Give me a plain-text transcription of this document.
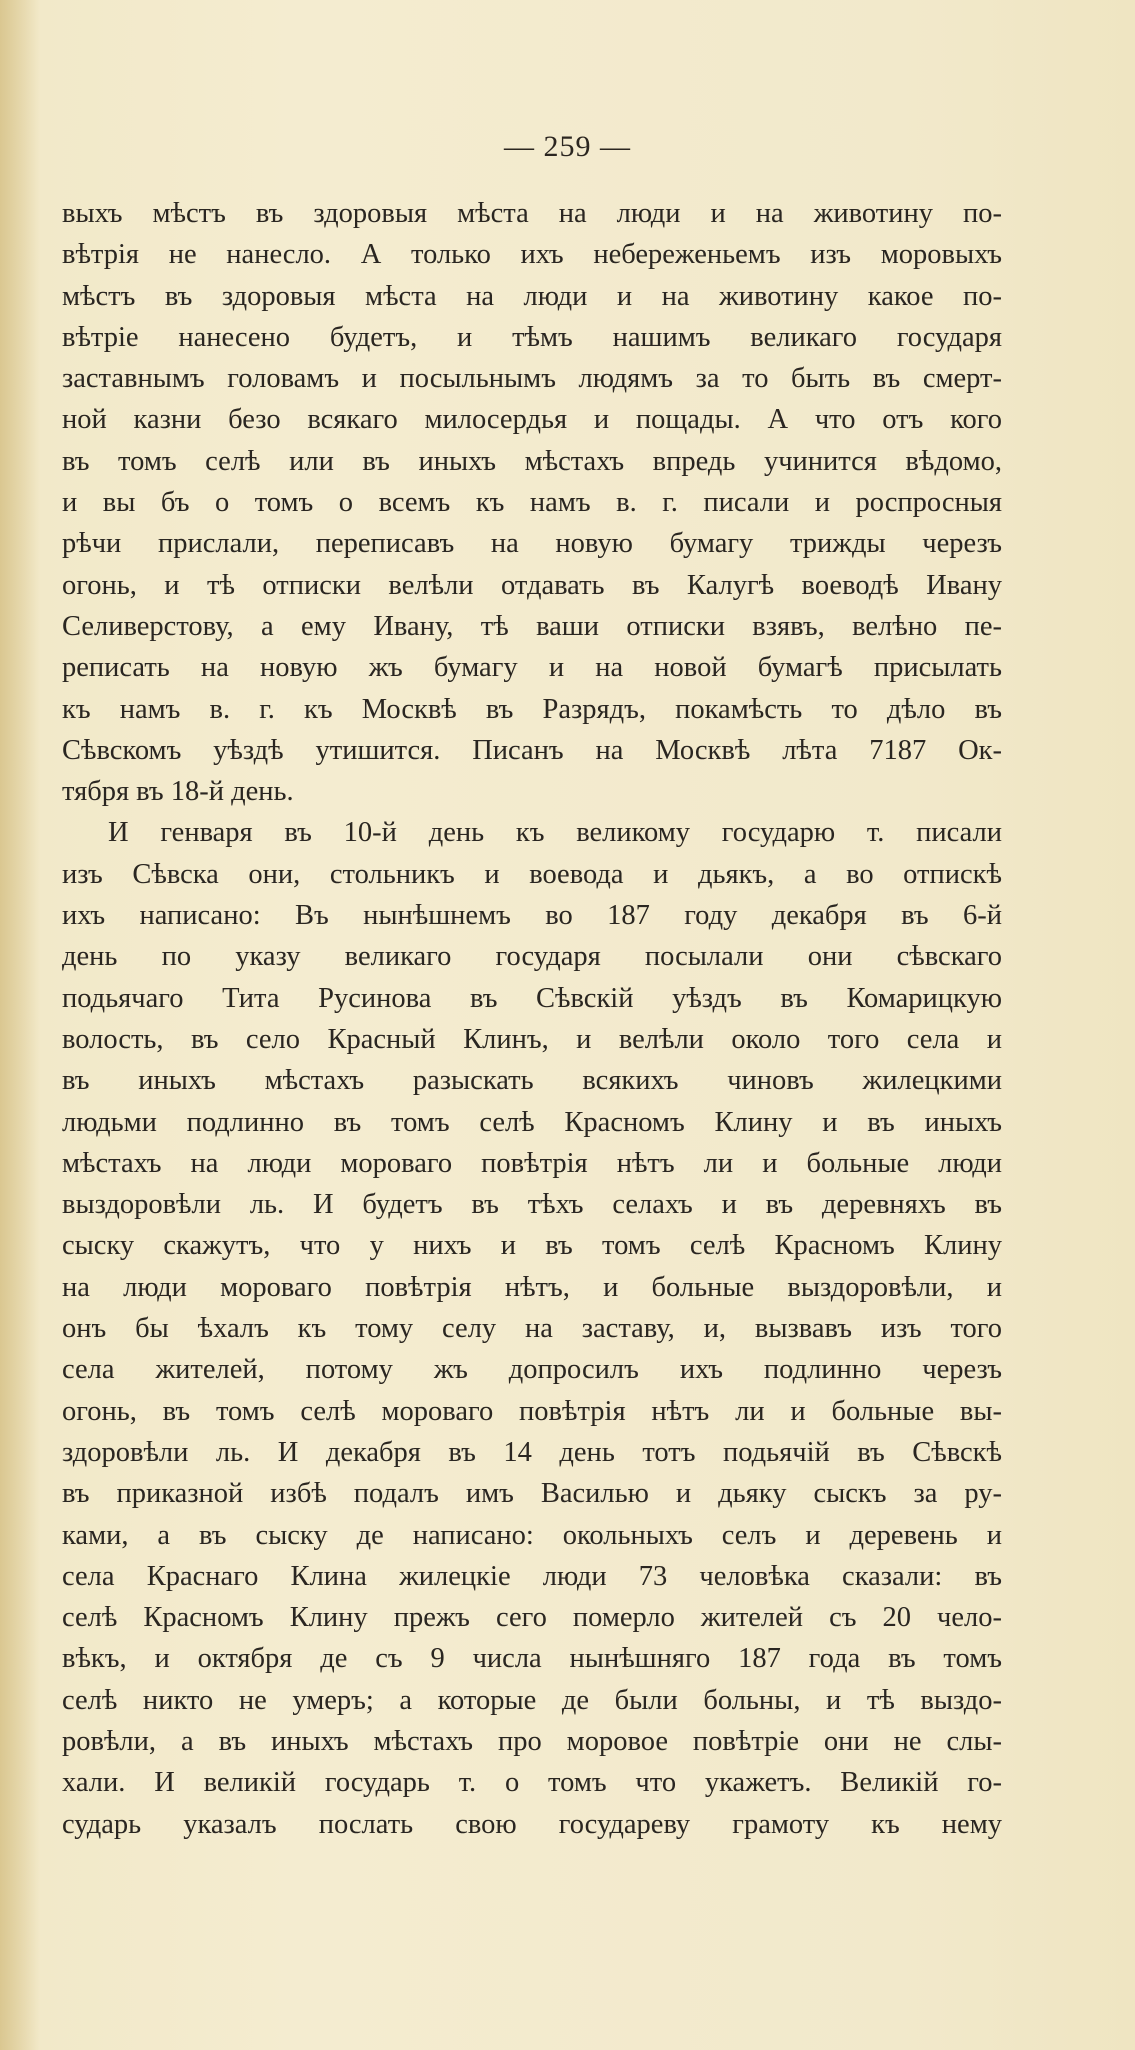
— 259 —
выхъ мѣстъ въ здоровыя мѣста на люди и на животину по-
вѣтрія не нанесло. А только ихъ небереженьемъ изъ моровыхъ
мѣстъ въ здоровыя мѣста на люди и на животину какое по-
вѣтріе нанесено будетъ, и тѣмъ нашимъ великаго государя
заставнымъ головамъ и посыльнымъ людямъ за то быть въ смерт-
ной казни безо всякаго милосердья и пощады. А что отъ кого
въ томъ селѣ или въ иныхъ мѣстахъ впредь учинится вѣдомо,
и вы бъ о томъ о всемъ къ намъ в. г. писали и роспросныя
рѣчи прислали, переписавъ на новую бумагу трижды черезъ
огонь, и тѣ отписки велѣли отдавать въ Калугѣ воеводѣ Ивану
Селиверстову, а ему Ивану, тѣ ваши отписки взявъ, велѣно пе-
реписать на новую жъ бумагу и на новой бумагѣ присылать
къ намъ в. г. къ Москвѣ въ Разрядъ, покамѣсть то дѣло въ
Сѣвскомъ уѣздѣ утишится. Писанъ на Москвѣ лѣта 7187 Ок-
тября въ 18-й день.
И генваря въ 10-й день къ великому государю т. писали
изъ Сѣвска они, стольникъ и воевода и дьякъ, а во отпискѣ
ихъ написано: Въ нынѣшнемъ во 187 году декабря въ 6-й
день по указу великаго государя посылали они сѣвскаго
подьячаго Тита Русинова въ Сѣвскій уѣздъ въ Комарицкую
волость, въ село Красный Клинъ, и велѣли около того села и
въ иныхъ мѣстахъ разыскать всякихъ чиновъ жилецкими
людьми подлинно въ томъ селѣ Красномъ Клину и въ иныхъ
мѣстахъ на люди мороваго повѣтрія нѣтъ ли и больные люди
выздоровѣли ль. И будетъ въ тѣхъ селахъ и въ деревняхъ въ
сыску скажутъ, что у нихъ и въ томъ селѣ Красномъ Клину
на люди мороваго повѣтрія нѣтъ, и больные выздоровѣли, и
онъ бы ѣхалъ къ тому селу на заставу, и, вызвавъ изъ того
села жителей, потому жъ допросилъ ихъ подлинно черезъ
огонь, въ томъ селѣ мороваго повѣтрія нѣтъ ли и больные вы-
здоровѣли ль. И декабря въ 14 день тотъ подьячій въ Сѣвскѣ
въ приказной избѣ подалъ имъ Василью и дьяку сыскъ за ру-
ками, а въ сыску де написано: окольныхъ селъ и деревень и
села Краснаго Клина жилецкіе люди 73 человѣка сказали: въ
селѣ Красномъ Клину прежъ сего померло жителей съ 20 чело-
вѣкъ, и октября де съ 9 числа нынѣшняго 187 года въ томъ
селѣ никто не умеръ; а которые де были больны, и тѣ выздо-
ровѣли, а въ иныхъ мѣстахъ про моровое повѣтріе они не слы-
хали. И великій государь т. о томъ что укажетъ. Великій го-
сударь указалъ послать свою государеву грамоту къ нему
